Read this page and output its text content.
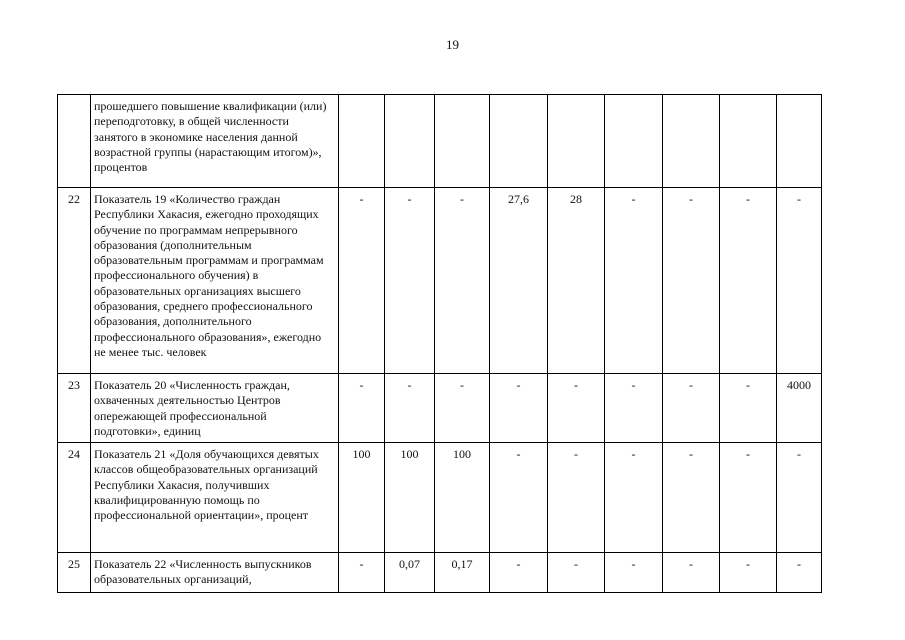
19
	прошедшего повышение квалификации (или) переподготовку, в общей численности занятого в экономике населения данной возрастной группы (нарастающим итогом)», процентов									
22	Показатель 19 «Количество граждан Республики Хакасия, ежегодно проходящих обучение по программам непрерывного образования (дополнительным образовательным программам и программам профессионального обучения) в образовательных организациях высшего образования, среднего профессионального образования, дополнительного профессионального образования», ежегодно не менее тыс. человек	-	-	-	27,6	28	-	-	-	-
23	Показатель 20 «Численность граждан, охваченных деятельностью Центров опережающей профессиональной подготовки», единиц	-	-	-	-	-	-	-	-	4000
24	Показатель 21 «Доля обучающихся девятых классов общеобразовательных организаций Республики Хакасия, получивших квалифицированную помощь по профессиональной ориентации», процент	100	100	100	-	-	-	-	-	-
25	Показатель 22 «Численность выпускников образовательных организаций,	-	0,07	0,17	-	-	-	-	-	-
